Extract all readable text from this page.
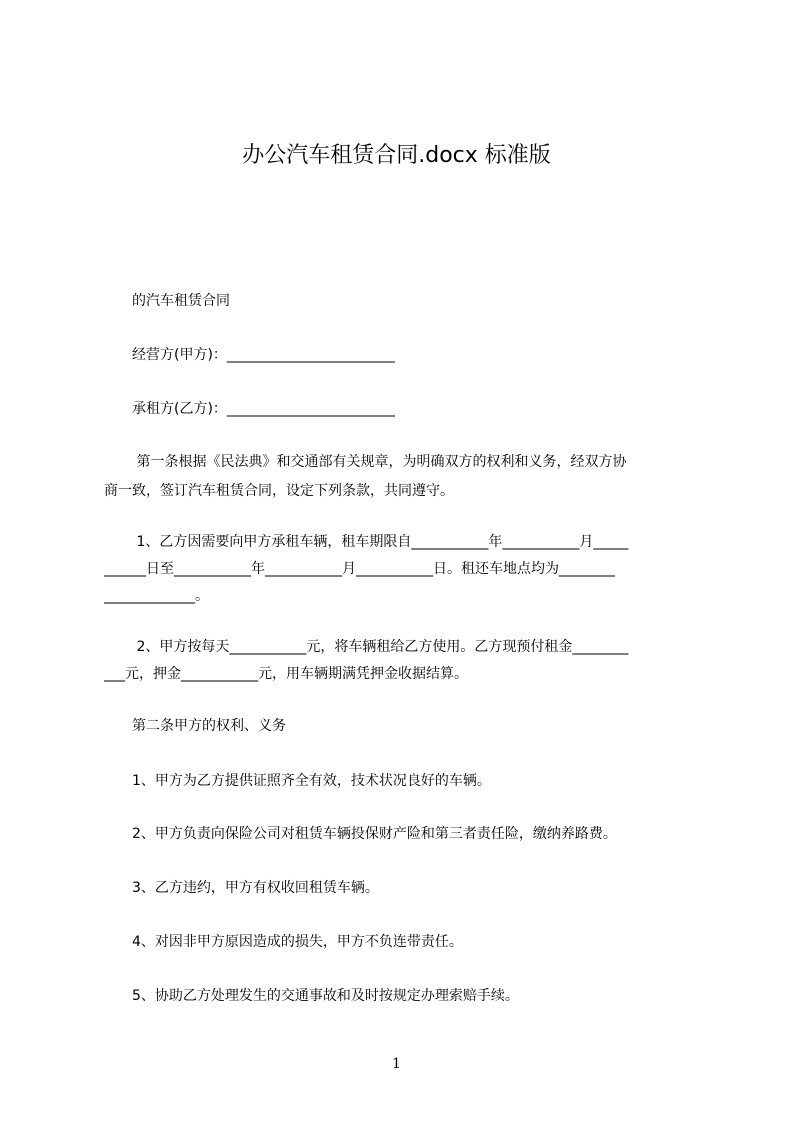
办公汽车租赁合同.docx 标准版
　　的汽车租赁合同
　　经营方(甲方)：________________________
　　承租方(乙方)：________________________
　　 第一条根据《民法典》和交通部有关规章，为明确双方的权利和义务，经双方协
商一致，签订汽车租赁合同，设定下列条款，共同遵守。
　　 1、乙方因需要向甲方承租车辆，租车期限自___________年___________月_____
______日至___________年___________月___________日。租还车地点均为________
_____________。
　　 2、甲方按每天___________元，将车辆租给乙方使用。乙方现预付租金________
___元，押金___________元，用车辆期满凭押金收据结算。
　　第二条甲方的权利、义务
　　1、甲方为乙方提供证照齐全有效，技术状况良好的车辆。
　　2、甲方负责向保险公司对租赁车辆投保财产险和第三者责任险，缴纳养路费。
　　3、乙方违约，甲方有权收回租赁车辆。
　　4、对因非甲方原因造成的损失，甲方不负连带责任。
　　5、协助乙方处理发生的交通事故和及时按规定办理索赔手续。
1
